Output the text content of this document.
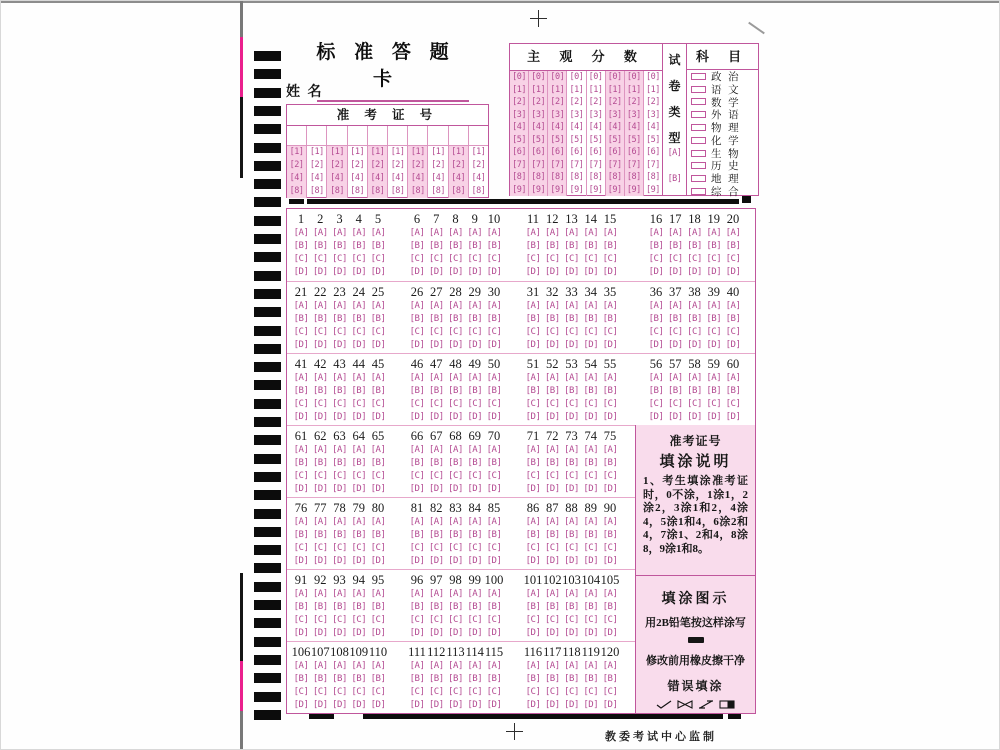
标 准 答 题 卡
姓 名
准 考 证 号
[1]
[2]
[4]
[8]
[1]
[2]
[4]
[8]
[1]
[2]
[4]
[8]
[1]
[2]
[4]
[8]
[1]
[2]
[4]
[8]
[1]
[2]
[4]
[8]
[1]
[2]
[4]
[8]
[1]
[2]
[4]
[8]
[1]
[2]
[4]
[8]
[1]
[2]
[4]
[8]
主 观 分 数
[0]
[1]
[2]
[3]
[4]
[5]
[6]
[7]
[8]
[9]
[0]
[1]
[2]
[3]
[4]
[5]
[6]
[7]
[8]
[9]
[0]
[1]
[2]
[3]
[4]
[5]
[6]
[7]
[8]
[9]
[0]
[1]
[2]
[3]
[4]
[5]
[6]
[7]
[8]
[9]
[0]
[1]
[2]
[3]
[4]
[5]
[6]
[7]
[8]
[9]
[0]
[1]
[2]
[3]
[4]
[5]
[6]
[7]
[8]
[9]
[0]
[1]
[2]
[3]
[4]
[5]
[6]
[7]
[8]
[9]
[0]
[1]
[2]
[3]
[4]
[5]
[6]
[7]
[8]
[9]
试
卷
类
型
[A]
[B]
科 目
政 治
语 文
数 学
外 语
物 理
化 学
生 物
历 史
地 理
综 合
准考证号
填涂说明
1、考生填涂准考证时，0不涂，1涂1，2涂2，3涂1和2，4涂4，5涂1和4，6涂2和4，7涂1、2和4，8涂8，9涂1和8。
填涂图示
用2B铅笔按这样涂写
修改前用橡皮擦干净
错误填涂
1
[A]
[B]
[C]
[D]
2
[A]
[B]
[C]
[D]
3
[A]
[B]
[C]
[D]
4
[A]
[B]
[C]
[D]
5
[A]
[B]
[C]
[D]
6
[A]
[B]
[C]
[D]
7
[A]
[B]
[C]
[D]
8
[A]
[B]
[C]
[D]
9
[A]
[B]
[C]
[D]
10
[A]
[B]
[C]
[D]
11
[A]
[B]
[C]
[D]
12
[A]
[B]
[C]
[D]
13
[A]
[B]
[C]
[D]
14
[A]
[B]
[C]
[D]
15
[A]
[B]
[C]
[D]
16
[A]
[B]
[C]
[D]
17
[A]
[B]
[C]
[D]
18
[A]
[B]
[C]
[D]
19
[A]
[B]
[C]
[D]
20
[A]
[B]
[C]
[D]
21
[A]
[B]
[C]
[D]
22
[A]
[B]
[C]
[D]
23
[A]
[B]
[C]
[D]
24
[A]
[B]
[C]
[D]
25
[A]
[B]
[C]
[D]
26
[A]
[B]
[C]
[D]
27
[A]
[B]
[C]
[D]
28
[A]
[B]
[C]
[D]
29
[A]
[B]
[C]
[D]
30
[A]
[B]
[C]
[D]
31
[A]
[B]
[C]
[D]
32
[A]
[B]
[C]
[D]
33
[A]
[B]
[C]
[D]
34
[A]
[B]
[C]
[D]
35
[A]
[B]
[C]
[D]
36
[A]
[B]
[C]
[D]
37
[A]
[B]
[C]
[D]
38
[A]
[B]
[C]
[D]
39
[A]
[B]
[C]
[D]
40
[A]
[B]
[C]
[D]
41
[A]
[B]
[C]
[D]
42
[A]
[B]
[C]
[D]
43
[A]
[B]
[C]
[D]
44
[A]
[B]
[C]
[D]
45
[A]
[B]
[C]
[D]
46
[A]
[B]
[C]
[D]
47
[A]
[B]
[C]
[D]
48
[A]
[B]
[C]
[D]
49
[A]
[B]
[C]
[D]
50
[A]
[B]
[C]
[D]
51
[A]
[B]
[C]
[D]
52
[A]
[B]
[C]
[D]
53
[A]
[B]
[C]
[D]
54
[A]
[B]
[C]
[D]
55
[A]
[B]
[C]
[D]
56
[A]
[B]
[C]
[D]
57
[A]
[B]
[C]
[D]
58
[A]
[B]
[C]
[D]
59
[A]
[B]
[C]
[D]
60
[A]
[B]
[C]
[D]
61
[A]
[B]
[C]
[D]
62
[A]
[B]
[C]
[D]
63
[A]
[B]
[C]
[D]
64
[A]
[B]
[C]
[D]
65
[A]
[B]
[C]
[D]
66
[A]
[B]
[C]
[D]
67
[A]
[B]
[C]
[D]
68
[A]
[B]
[C]
[D]
69
[A]
[B]
[C]
[D]
70
[A]
[B]
[C]
[D]
71
[A]
[B]
[C]
[D]
72
[A]
[B]
[C]
[D]
73
[A]
[B]
[C]
[D]
74
[A]
[B]
[C]
[D]
75
[A]
[B]
[C]
[D]
76
[A]
[B]
[C]
[D]
77
[A]
[B]
[C]
[D]
78
[A]
[B]
[C]
[D]
79
[A]
[B]
[C]
[D]
80
[A]
[B]
[C]
[D]
81
[A]
[B]
[C]
[D]
82
[A]
[B]
[C]
[D]
83
[A]
[B]
[C]
[D]
84
[A]
[B]
[C]
[D]
85
[A]
[B]
[C]
[D]
86
[A]
[B]
[C]
[D]
87
[A]
[B]
[C]
[D]
88
[A]
[B]
[C]
[D]
89
[A]
[B]
[C]
[D]
90
[A]
[B]
[C]
[D]
91
[A]
[B]
[C]
[D]
92
[A]
[B]
[C]
[D]
93
[A]
[B]
[C]
[D]
94
[A]
[B]
[C]
[D]
95
[A]
[B]
[C]
[D]
96
[A]
[B]
[C]
[D]
97
[A]
[B]
[C]
[D]
98
[A]
[B]
[C]
[D]
99
[A]
[B]
[C]
[D]
100
[A]
[B]
[C]
[D]
101
[A]
[B]
[C]
[D]
102
[A]
[B]
[C]
[D]
103
[A]
[B]
[C]
[D]
104
[A]
[B]
[C]
[D]
105
[A]
[B]
[C]
[D]
106
[A]
[B]
[C]
[D]
107
[A]
[B]
[C]
[D]
108
[A]
[B]
[C]
[D]
109
[A]
[B]
[C]
[D]
110
[A]
[B]
[C]
[D]
111
[A]
[B]
[C]
[D]
112
[A]
[B]
[C]
[D]
113
[A]
[B]
[C]
[D]
114
[A]
[B]
[C]
[D]
115
[A]
[B]
[C]
[D]
116
[A]
[B]
[C]
[D]
117
[A]
[B]
[C]
[D]
118
[A]
[B]
[C]
[D]
119
[A]
[B]
[C]
[D]
120
[A]
[B]
[C]
[D]
教委考试中心监制
